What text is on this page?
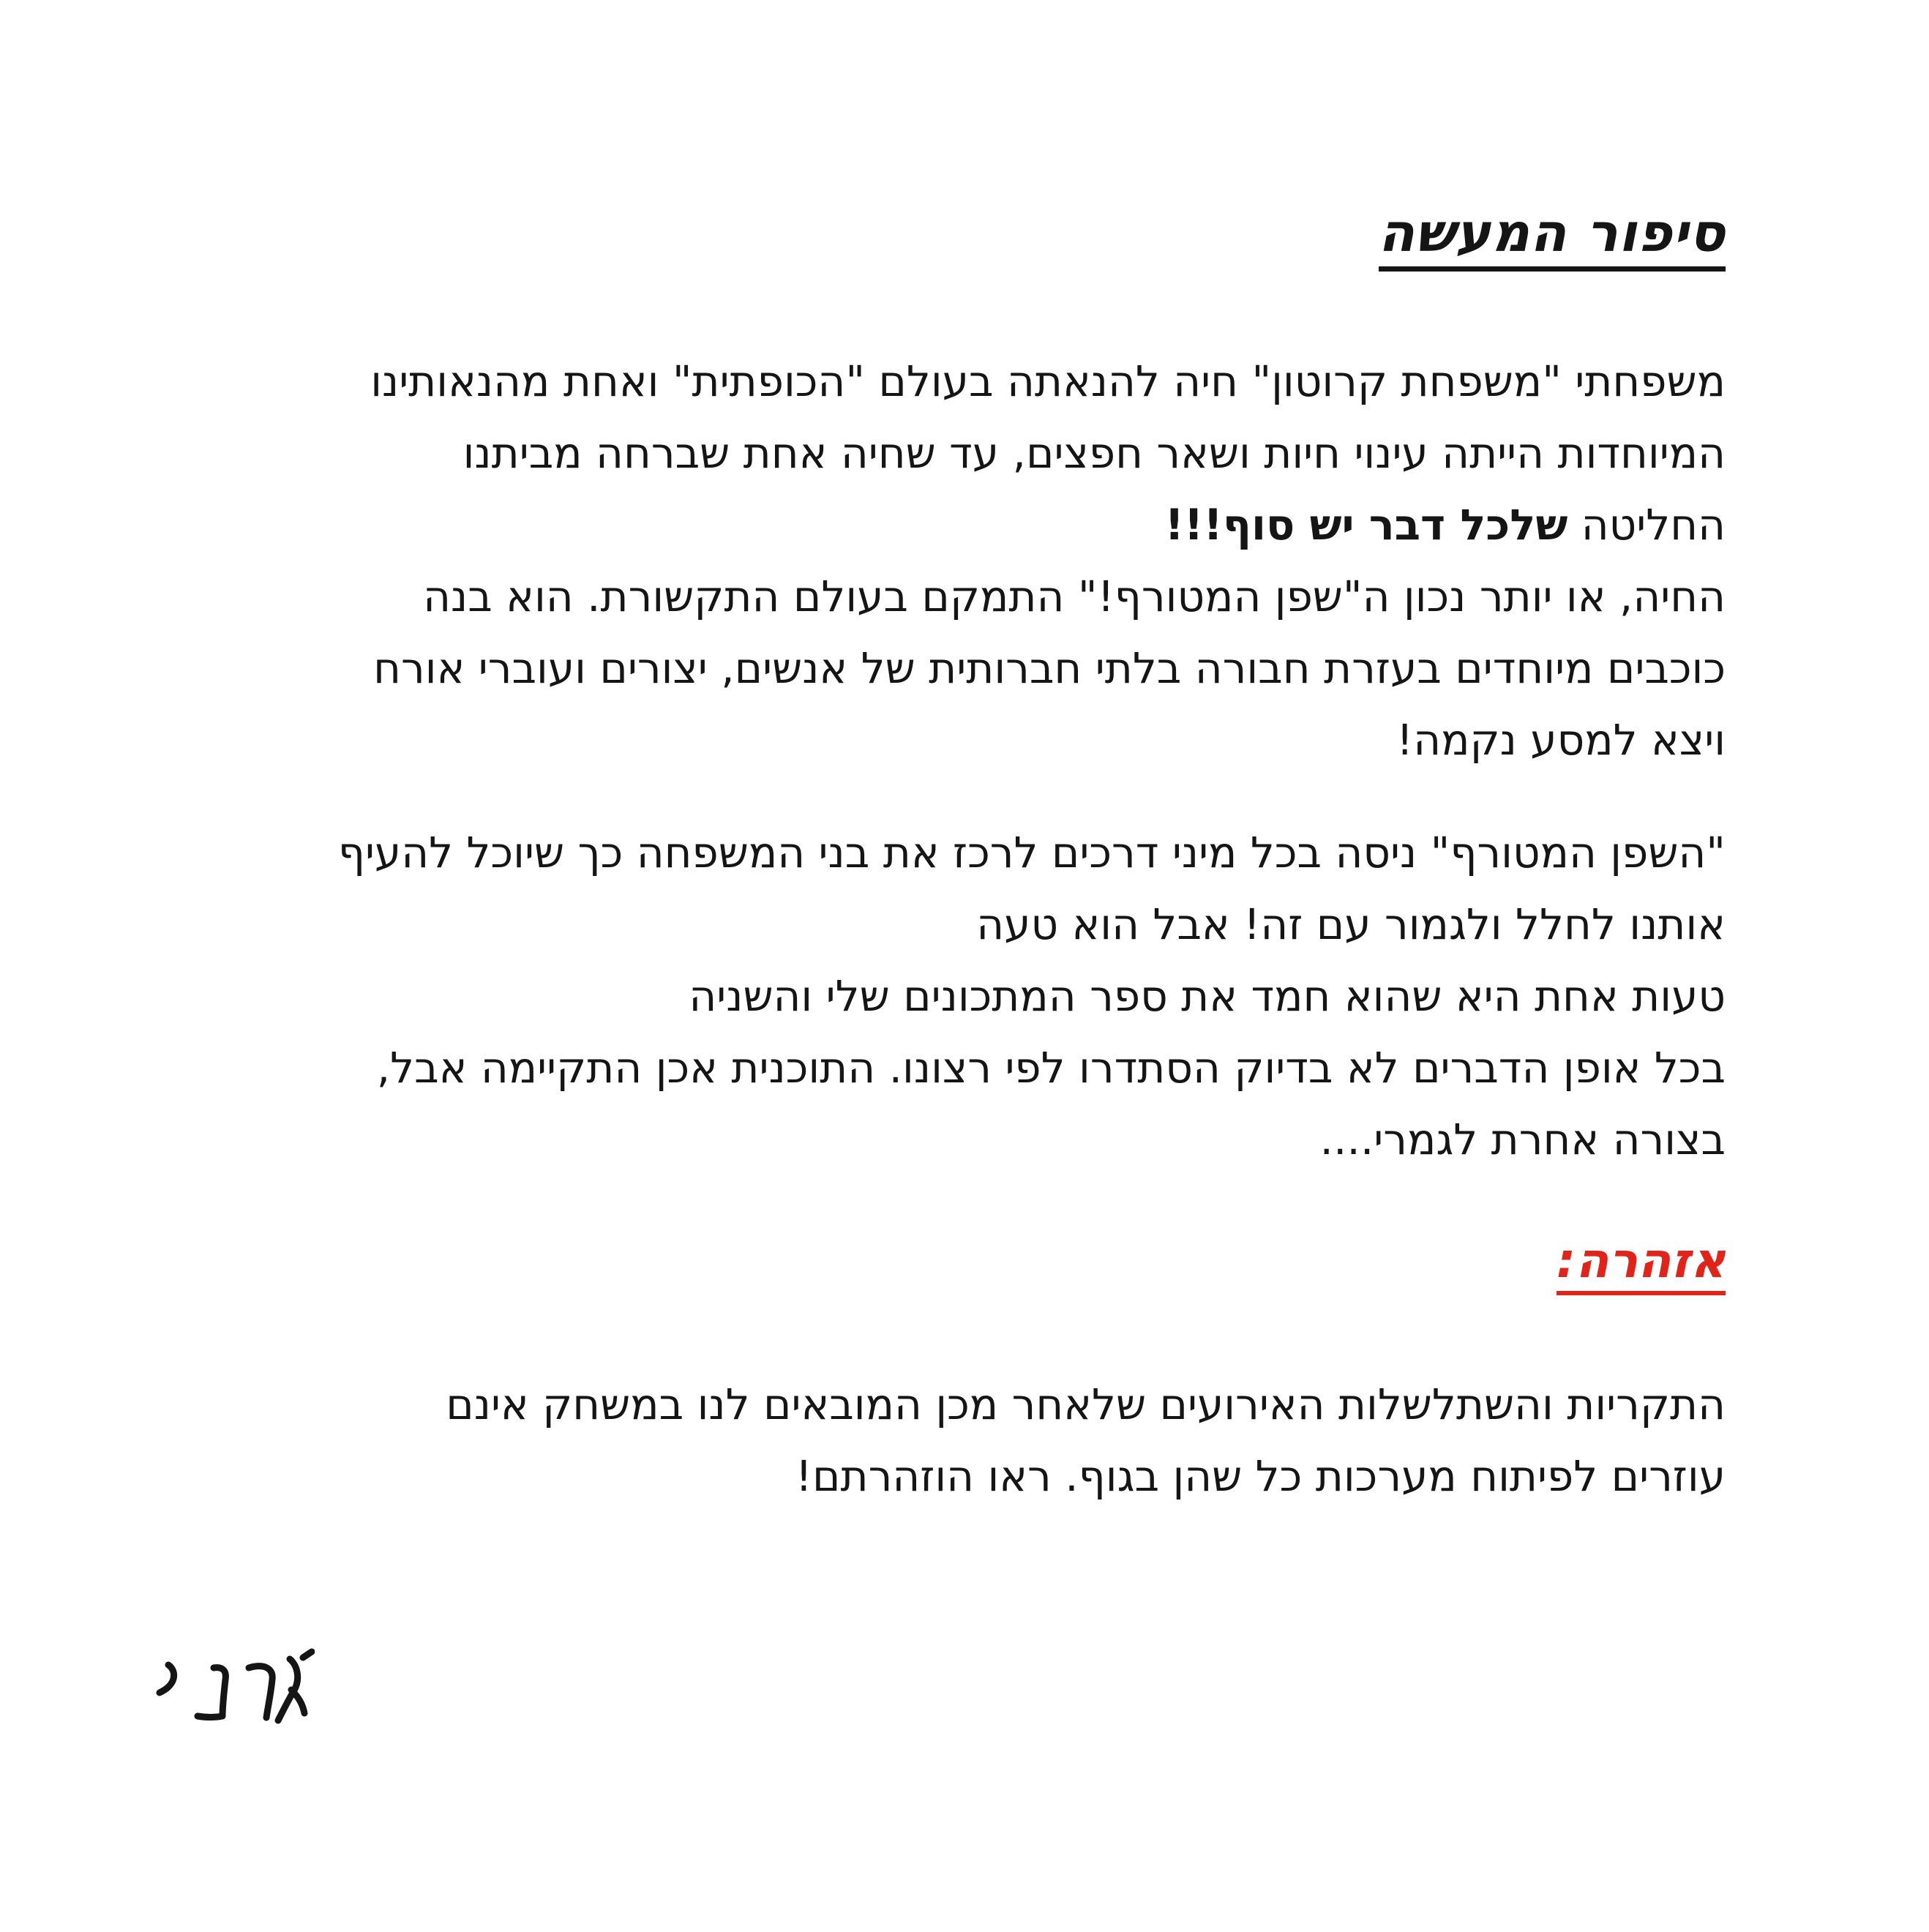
סיפור המעשה
משפחתי "משפחת קרוטון" חיה להנאתה בעולם "הכופתית" ואחת מהנאותינו
המיוחדות הייתה עינוי חיות ושאר חפצים, עד שחיה אחת שברחה מביתנו
החליטה שלכל דבר יש סוף!!!
החיה, או יותר נכון ה"שפן המטורף!" התמקם בעולם התקשורת. הוא בנה
כוכבים מיוחדים בעזרת חבורה בלתי חברותית של אנשים, יצורים ועוברי אורח
ויצא למסע נקמה!
"השפן המטורף" ניסה בכל מיני דרכים לרכז את בני המשפחה כך שיוכל להעיף
אותנו לחלל ולגמור עם זה! אבל הוא טעה
טעות אחת היא שהוא חמד את ספר המתכונים שלי והשניה
בכל אופן הדברים לא בדיוק הסתדרו לפי רצונו. התוכנית אכן התקיימה אבל,
בצורה אחרת לגמרי....
אזהרה:
התקריות והשתלשלות האירועים שלאחר מכן המובאים לנו במשחק אינם
עוזרים לפיתוח מערכות כל שהן בגוף. ראו הוזהרתם!
